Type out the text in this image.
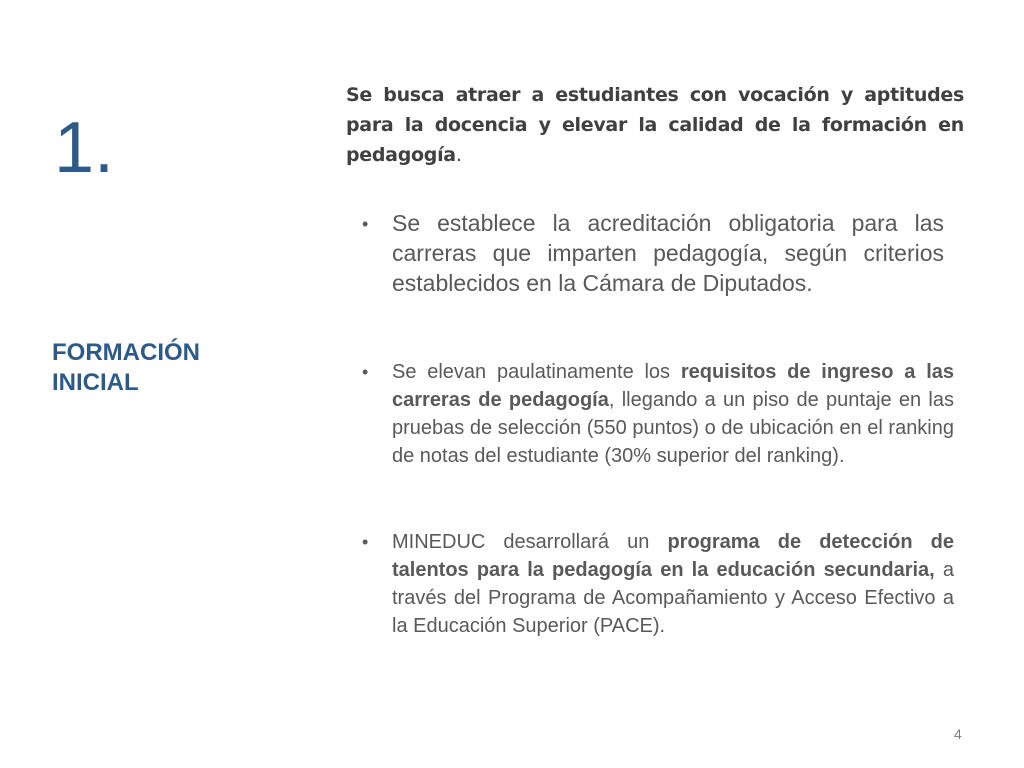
1.
FORMACIÓN
INICIAL
Se busca atraer a estudiantes con vocación y aptitudes para la docencia y elevar la calidad de la formación en pedagogía.
• Se establece la acreditación obligatoria para las carreras que imparten pedagogía, según criterios establecidos en la Cámara de Diputados.
• Se elevan paulatinamente los requisitos de ingreso a las carreras de pedagogía, llegando a un piso de puntaje en las pruebas de selección (550 puntos) o de ubicación en el ranking de notas del estudiante (30% superior del ranking).
• MINEDUC desarrollará un programa de detección de talentos para la pedagogía en la educación secundaria, a través del Programa de Acompañamiento y Acceso Efectivo a la Educación Superior (PACE).
4
